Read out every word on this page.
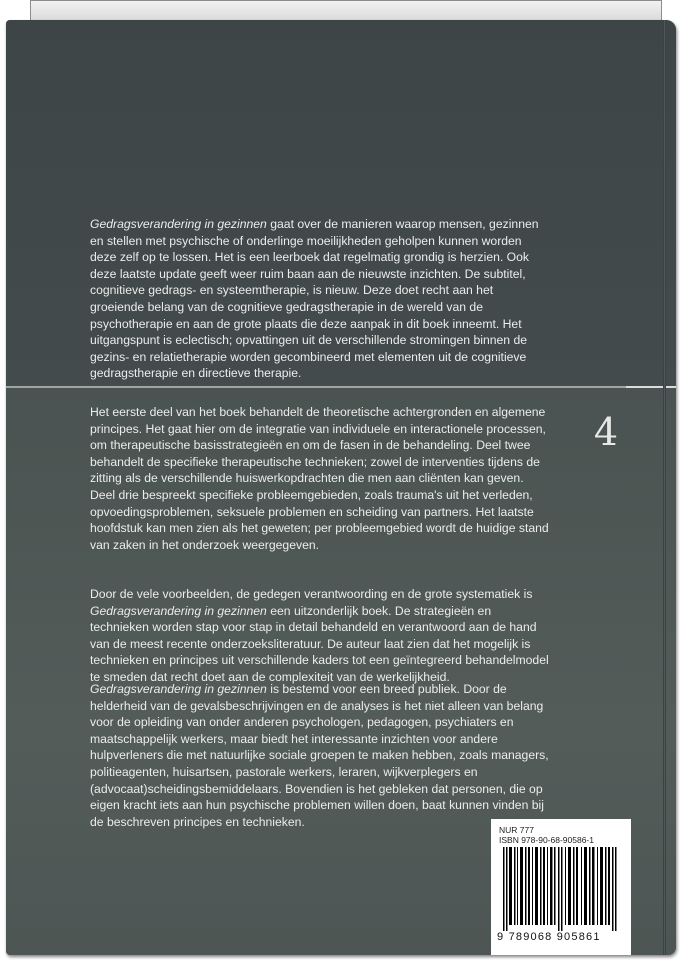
4

Gedragsverandering in gezinnen gaat over de manieren waarop mensen, gezinnen en stellen met psychische of onderlinge moeilijkheden geholpen kunnen worden deze zelf op te lossen. Het is een leerboek dat regelmatig grondig is herzien. Ook deze laatste update geeft weer ruim baan aan de nieuwste inzichten. De subtitel, cognitieve gedrags- en systeemtherapie, is nieuw. Deze doet recht aan het groeiende belang van de cognitieve gedragstherapie in de wereld van de psychotherapie en aan de grote plaats die deze aanpak in dit boek inneemt. Het uitgangspunt is eclectisch; opvattingen uit de verschillende stromingen binnen de gezins- en relatietherapie worden gecombineerd met elementen uit de cognitieve gedragstherapie en directieve therapie.

Het eerste deel van het boek behandelt de theoretische achtergronden en algemene principes. Het gaat hier om de integratie van individuele en interactionele processen, om therapeutische basisstrategieën en om de fasen in de behandeling. Deel twee behandelt de specifieke therapeutische technieken; zowel de interventies tijdens de zitting als de verschillende huiswerkopdrachten die men aan cliënten kan geven. Deel drie bespreekt specifieke probleemgebieden, zoals trauma's uit het verleden, opvoedingsproblemen, seksuele problemen en scheiding van partners. Het laatste hoofdstuk kan men zien als het geweten; per probleemgebied wordt de huidige stand van zaken in het onderzoek weergegeven.

Door de vele voorbeelden, de gedegen verantwoording en de grote systematiek is Gedragsverandering in gezinnen een uitzonderlijk boek. De strategieën en technieken worden stap voor stap in detail behandeld en verantwoord aan de hand van de meest recente onderzoeksliteratuur. De auteur laat zien dat het mogelijk is technieken en principes uit verschillende kaders tot een geïntegreerd behandelmodel te smeden dat recht doet aan de complexiteit van de werkelijkheid.

Gedragsverandering in gezinnen is bestemd voor een breed publiek. Door de helderheid van de gevalsbeschrijvingen en de analyses is het niet alleen van belang voor de opleiding van onder anderen psychologen, pedagogen, psychiaters en maatschappelijk werkers, maar biedt het interessante inzichten voor andere hulpverleners die met natuurlijke sociale groepen te maken hebben, zoals managers, politieagenten, huisartsen, pastorale werkers, leraren, wijkverplegers en (advocaat)scheidingsbemiddelaars. Bovendien is het gebleken dat personen, die op eigen kracht iets aan hun psychische problemen willen doen, baat kunnen vinden bij de beschreven principes en technieken.

NUR 777
ISBN 978-90-68-90586-1
9 789068 905861
